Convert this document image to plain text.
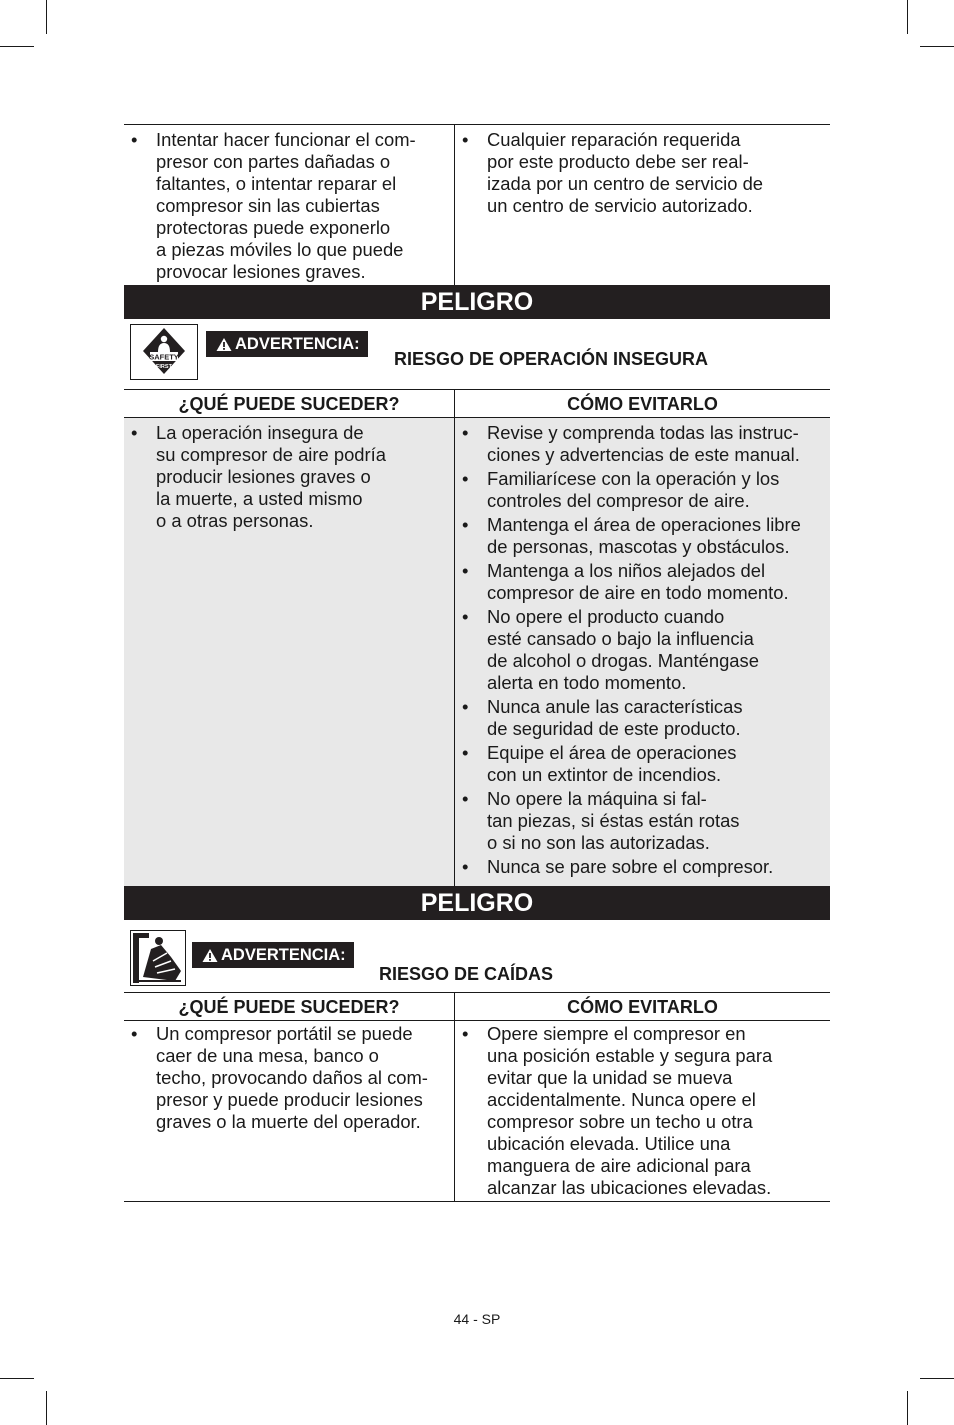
• Intentar hacer funcionar el com-
presor con partes dañadas o
faltantes, o intentar reparar el
compresor sin las cubiertas
protectoras puede exponerlo
a piezas móviles lo que puede
provocar lesiones graves.
• Cualquier reparación requerida
por este producto debe ser real-
izada por un centro de servicio de
un centro de servicio autorizado.
PELIGRO
SAFETY
FIRST
ADVERTENCIA:
RIESGO DE OPERACIÓN INSEGURA
¿QUÉ PUEDE SUCEDER?	CÓMO EVITARLO
• La operación insegura de
su compresor de aire podría
producir lesiones graves o
la muerte, a usted mismo
o a otras personas.
• Revise y comprenda todas las instruc-
ciones y advertencias de este manual.
• Familiarícese con la operación y los
controles del compresor de aire.
• Mantenga el área de operaciones libre
de personas, mascotas y obstáculos.
• Mantenga a los niños alejados del
compresor de aire en todo momento.
• No opere el producto cuando
esté cansado o bajo la influencia
de alcohol o drogas. Manténgase
alerta en todo momento.
• Nunca anule las características
de seguridad de este producto.
• Equipe el área de operaciones
con un extintor de incendios.
• No opere la máquina si fal-
tan piezas, si éstas están rotas
o si no son las autorizadas.
• Nunca se pare sobre el compresor.
PELIGRO
ADVERTENCIA:
RIESGO DE CAÍDAS
¿QUÉ PUEDE SUCEDER?	CÓMO EVITARLO
• Un compresor portátil se puede
caer de una mesa, banco o
techo, provocando daños al com-
presor y puede producir lesiones
graves o la muerte del operador.
• Opere siempre el compresor en
una posición estable y segura para
evitar que la unidad se mueva
accidentalmente. Nunca opere el
compresor sobre un techo u otra
ubicación elevada. Utilice una
manguera de aire adicional para
alcanzar las ubicaciones elevadas.
44 - SP
